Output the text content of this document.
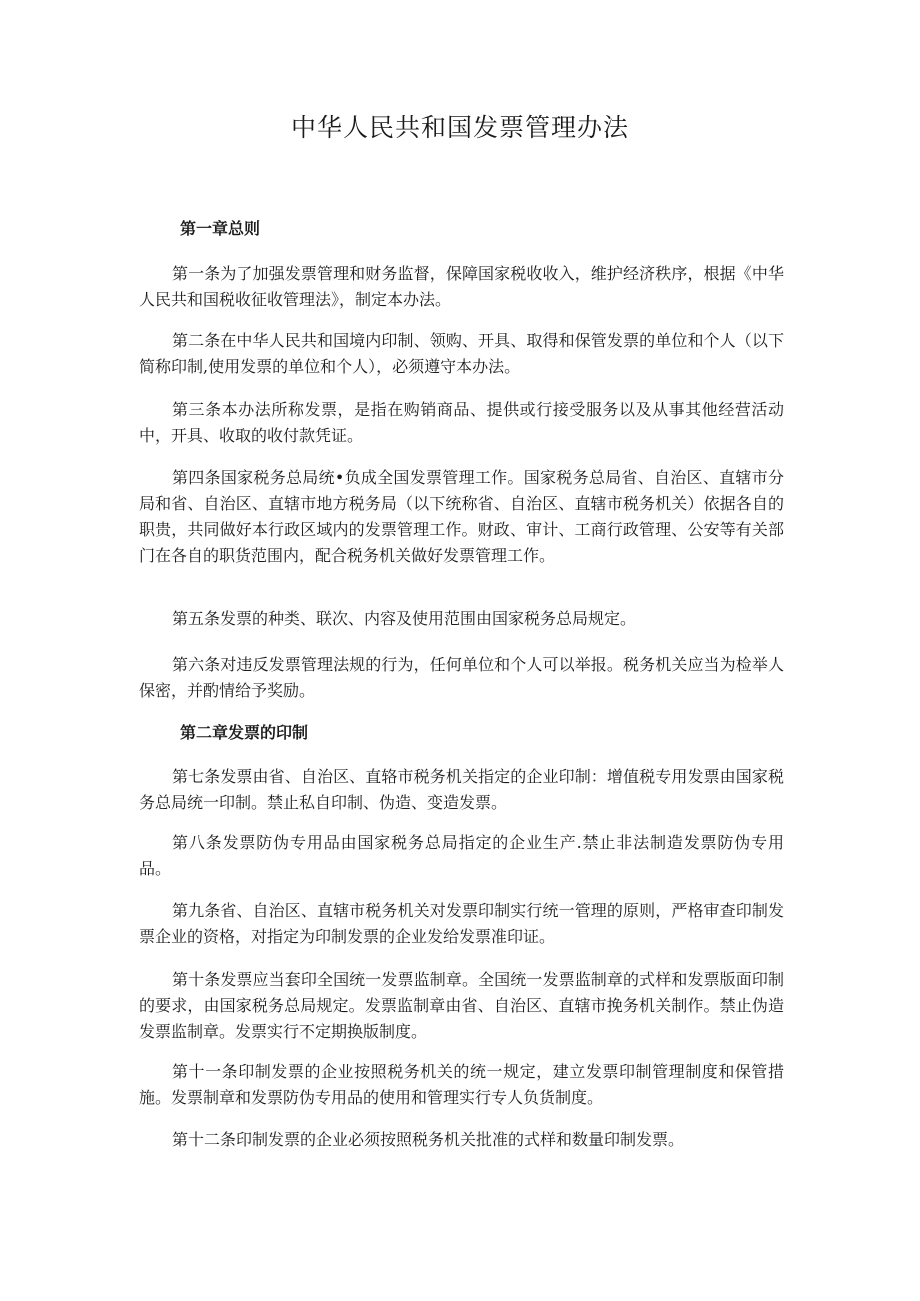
中华人民共和国发票管理办法
第一章总则

第一条为了加强发票管理和财务监督，保障国家税收收入，维护经济秩序，根据《中华人民共和国税收征收管理法》，制定本办法。

第二条在中华人民共和国境内印制、领购、开具、取得和保管发票的单位和个人（以下简称印制,使用发票的单位和个人），必须遵守本办法。

第三条本办法所称发票，是指在购销商品、提供或行接受服务以及从事其他经营活动中，开具、收取的收付款凭证。

第四条国家税务总局统•负成全国发票管理工作。国家税务总局省、自治区、直辖市分局和省、自治区、直辖市地方税务局（以下统称省、自治区、直辖市税务机关）依据各自的职贵，共同做好本行政区域内的发票管理工作。财政、审计、工商行政管理、公安等有关部门在各自的职货范围内，配合税务机关做好发票管理工作。

第五条发票的种类、联次、内容及使用范围由国家税务总局规定。

第六条对违反发票管理法规的行为，任何单位和个人可以举报。税务机关应当为检举人保密，并酌情给予奖励。

第二章发票的印制

第七条发票由省、自治区、直辂市税务机关指定的企业印制：增值税专用发票由国家税务总局统一印制。禁止私自印制、伪造、变造发票。

第八条发票防伪专用品由国家税务总局指定的企业生产.禁止非法制造发票防伪专用品。

第九条省、自治区、直辖市税务机关对发票印制实行统一管理的原则，严格审查印制发票企业的资格，对指定为印制发票的企业发给发票准印证。

第十条发票应当套印全国统一发票监制章。全国统一发票监制章的式样和发票版面印制的要求，由国家税务总局规定。发票监制章由省、自治区、直辖市挽务机关制作。禁止伪造发票监制章。发票实行不定期换版制度。

第十一条印制发票的企业按照税务机关的统一规定，建立发票印制管理制度和保管措施。发票制章和发票防伪专用品的使用和管理实行专人负货制度。

第十二条印制发票的企业必须按照税务机关批准的式样和数量印制发票。
